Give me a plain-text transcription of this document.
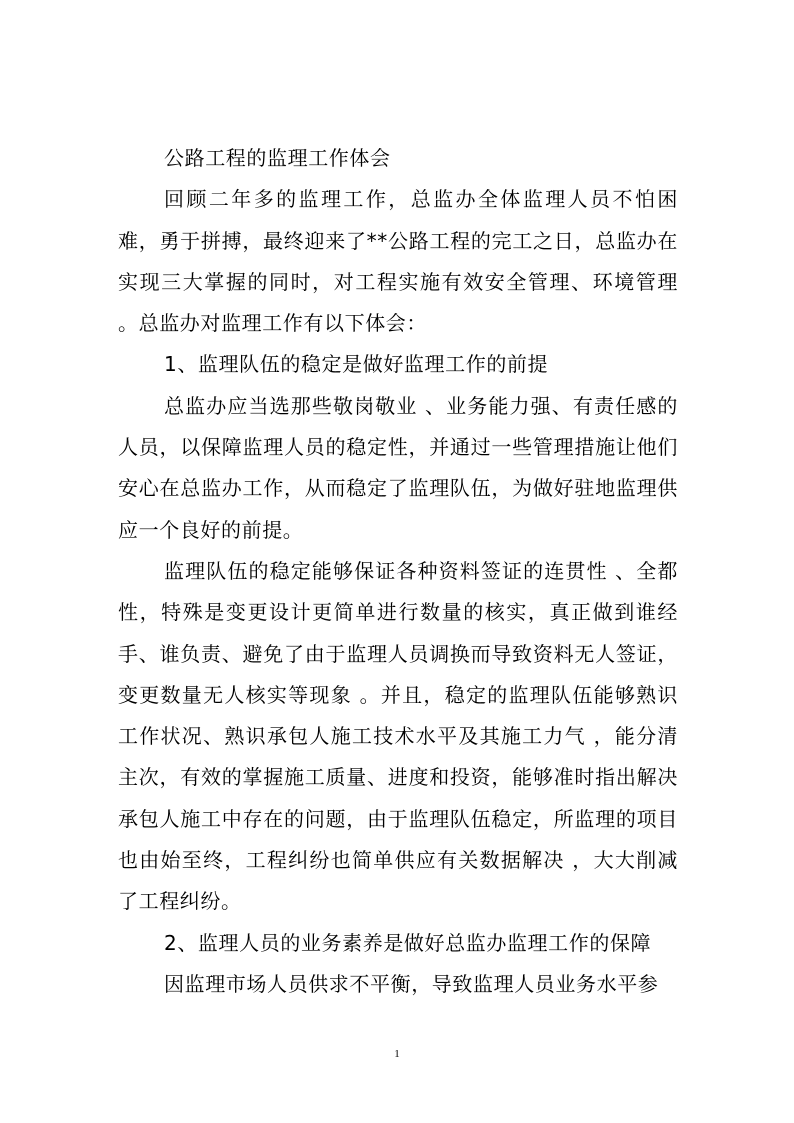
公路工程的监理工作体会

回顾二年多的监理工作，总监办全体监理人员不怕困难，勇于拼搏，最终迎来了**公路工程的完工之日，总监办在实现三大掌握的同时，对工程实施有效安全管理、环境管理 。总监办对监理工作有以下体会：

1、监理队伍的稳定是做好监理工作的前提

总监办应当选那些敬岗敬业 、业务能力强、有责任感的人员，以保障监理人员的稳定性，并通过一些管理措施让他们安心在总监办工作，从而稳定了监理队伍，为做好驻地监理供应一个良好的前提。

监理队伍的稳定能够保证各种资料签证的连贯性 、全都性，特殊是变更设计更简单进行数量的核实，真正做到谁经手、谁负责、避免了由于监理人员调换而导致资料无人签证，变更数量无人核实等现象 。并且，稳定的监理队伍能够熟识工作状况、熟识承包人施工技术水平及其施工力气 ，能分清主次，有效的掌握施工质量、进度和投资，能够准时指出解决承包人施工中存在的问题，由于监理队伍稳定，所监理的项目也由始至终，工程纠纷也简单供应有关数据解决 ，大大削减了工程纠纷。

2、监理人员的业务素养是做好总监办监理工作的保障

因监理市场人员供求不平衡，导致监理人员业务水平参

1
